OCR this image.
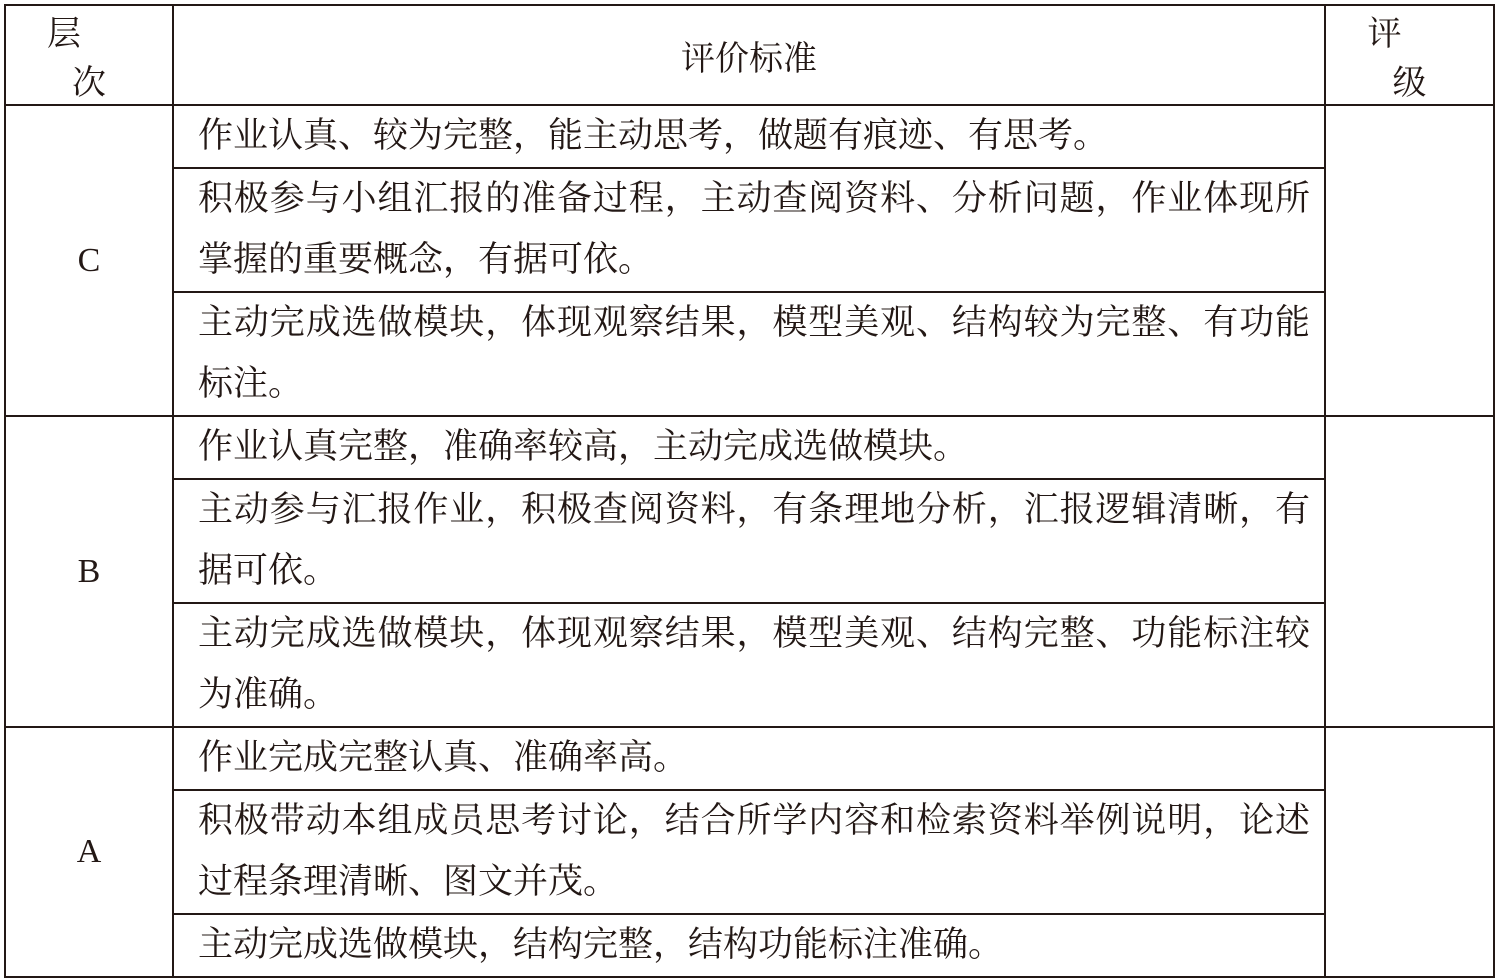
层次	评价标准	评级
C	作业认真、较为完整，能主动思考，做题有痕迹、有思考。	
	积极参与小组汇报的准备过程，主动查阅资料、分析问题，作业体现所掌握的重要概念，有据可依。	
	主动完成选做模块，体现观察结果，模型美观、结构较为完整、有功能标注。	
B	作业认真完整，准确率较高，主动完成选做模块。	
	主动参与汇报作业，积极查阅资料，有条理地分析，汇报逻辑清晰，有据可依。	
	主动完成选做模块，体现观察结果，模型美观、结构完整、功能标注较为准确。	
A	作业完成完整认真、准确率高。	
	积极带动本组成员思考讨论，结合所学内容和检索资料举例说明，论述过程条理清晰、图文并茂。	
	主动完成选做模块，结构完整，结构功能标注准确。	
